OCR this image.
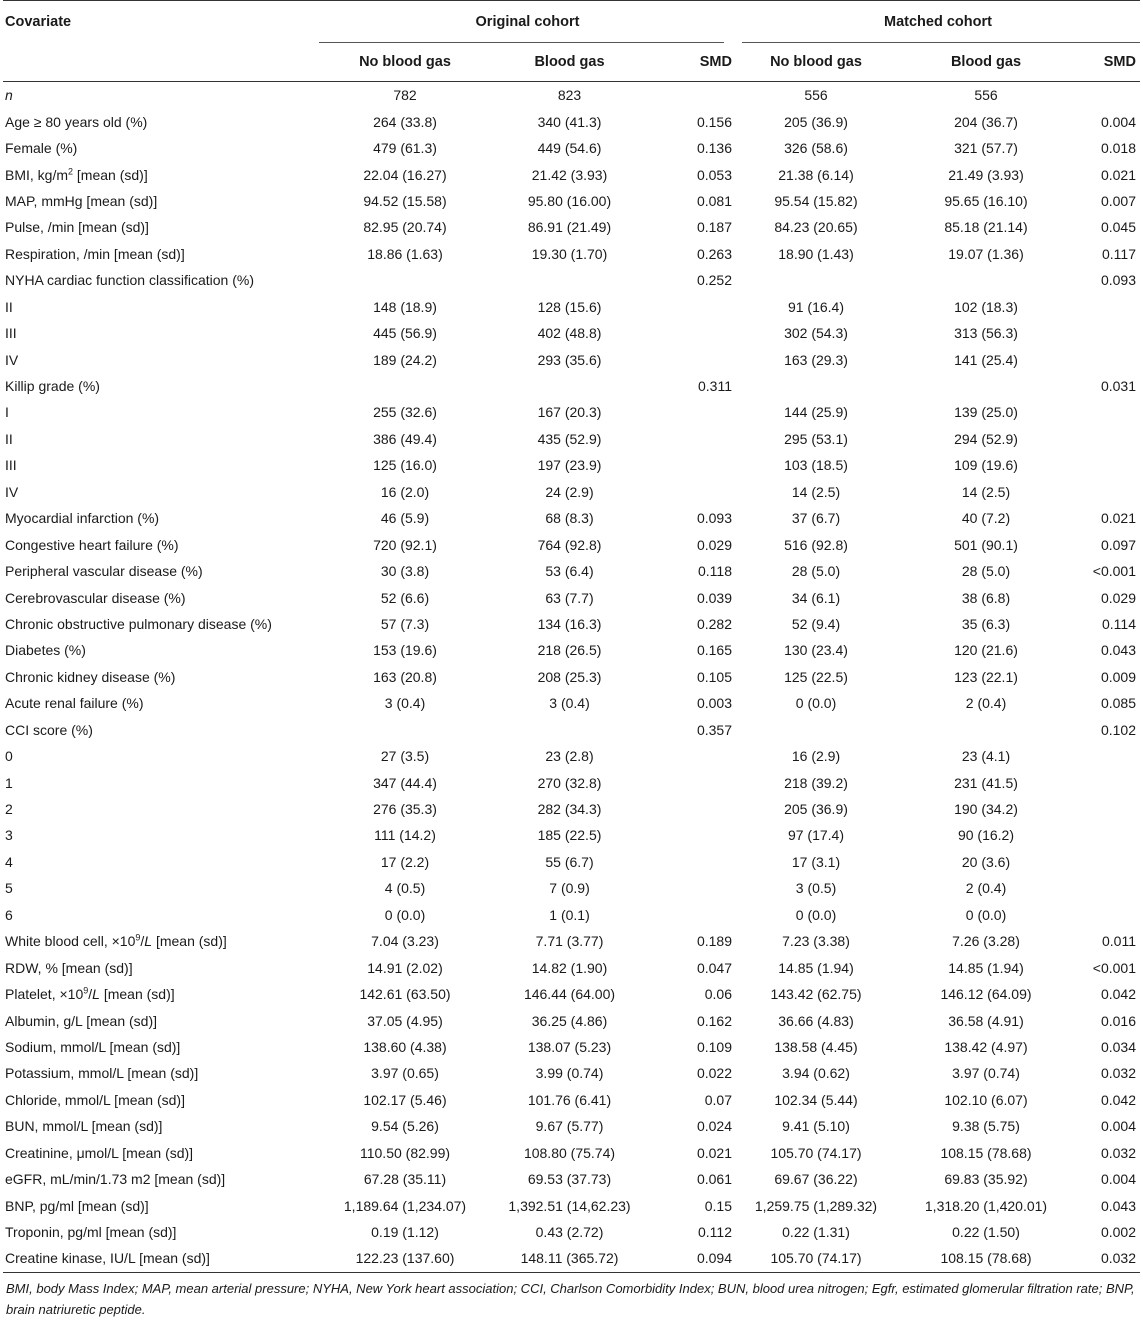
Covariate	Original cohort			Matched cohort		
	No blood gas	Blood gas	SMD	No blood gas	Blood gas	SMD
n	782	823		556	556	
Age ≥ 80 years old (%)	264 (33.8)	340 (41.3)	0.156	205 (36.9)	204 (36.7)	0.004
Female (%)	479 (61.3)	449 (54.6)	0.136	326 (58.6)	321 (57.7)	0.018
BMI, $kg/m^2$ [mean (sd)]	22.04 (16.27)	21.42 (3.93)	0.053	21.38 (6.14)	21.49 (3.93)	0.021
MAP, mmHg [mean (sd)]	94.52 (15.58)	95.80 (16.00)	0.081	95.54 (15.82)	95.65 (16.10)	0.007
Pulse, /min [mean (sd)]	82.95 (20.74)	86.91 (21.49)	0.187	84.23 (20.65)	85.18 (21.14)	0.045
Respiration, /min [mean (sd)]	18.86 (1.63)	19.30 (1.70)	0.263	18.90 (1.43)	19.07 (1.36)	0.117
NYHA cardiac function classification (%)			0.252			0.093
II	148 (18.9)	128 (15.6)		91 (16.4)	102 (18.3)	
III	445 (56.9)	402 (48.8)		302 (54.3)	313 (56.3)	
IV	189 (24.2)	293 (35.6)		163 (29.3)	141 (25.4)	
Killip grade (%)			0.311			0.031
I	255 (32.6)	167 (20.3)		144 (25.9)	139 (25.0)	
II	386 (49.4)	435 (52.9)		295 (53.1)	294 (52.9)	
III	125 (16.0)	197 (23.9)		103 (18.5)	109 (19.6)	
IV	16 (2.0)	24 (2.9)		14 (2.5)	14 (2.5)	
Myocardial infarction (%)	46 (5.9)	68 (8.3)	0.093	37 (6.7)	40 (7.2)	0.021
Congestive heart failure (%)	720 (92.1)	764 (92.8)	0.029	516 (92.8)	501 (90.1)	0.097
Peripheral vascular disease (%)	30 (3.8)	53 (6.4)	0.118	28 (5.0)	28 (5.0)	<0.001
Cerebrovascular disease (%)	52 (6.6)	63 (7.7)	0.039	34 (6.1)	38 (6.8)	0.029
Chronic obstructive pulmonary disease (%)	57 (7.3)	134 (16.3)	0.282	52 (9.4)	35 (6.3)	0.114
Diabetes (%)	153 (19.6)	218 (26.5)	0.165	130 (23.4)	120 (21.6)	0.043
Chronic kidney disease (%)	163 (20.8)	208 (25.3)	0.105	125 (22.5)	123 (22.1)	0.009
Acute renal failure (%)	3 (0.4)	3 (0.4)	0.003	0 (0.0)	2 (0.4)	0.085
CCI score (%)			0.357			0.102
0	27 (3.5)	23 (2.8)		16 (2.9)	23 (4.1)	
1	347 (44.4)	270 (32.8)		218 (39.2)	231 (41.5)	
2	276 (35.3)	282 (34.3)		205 (36.9)	190 (34.2)	
3	111 (14.2)	185 (22.5)		97 (17.4)	90 (16.2)	
4	17 (2.2)	55 (6.7)		17 (3.1)	20 (3.6)	
5	4 (0.5)	7 (0.9)		3 (0.5)	2 (0.4)	
6	0 (0.0)	1 (0.1)		0 (0.0)	0 (0.0)	
White blood cell, $\times 10^9/L$ [mean (sd)]	7.04 (3.23)	7.71 (3.77)	0.189	7.23 (3.38)	7.26 (3.28)	0.011
RDW, % [mean (sd)]	14.91 (2.02)	14.82 (1.90)	0.047	14.85 (1.94)	14.85 (1.94)	<0.001
Platelet, $\times 10^9/L$ [mean (sd)]	142.61 (63.50)	146.44 (64.00)	0.06	143.42 (62.75)	146.12 (64.09)	0.042
Albumin, g/L [mean (sd)]	37.05 (4.95)	36.25 (4.86)	0.162	36.66 (4.83)	36.58 (4.91)	0.016
Sodium, mmol/L [mean (sd)]	138.60 (4.38)	138.07 (5.23)	0.109	138.58 (4.45)	138.42 (4.97)	0.034
Potassium, mmol/L [mean (sd)]	3.97 (0.65)	3.99 (0.74)	0.022	3.94 (0.62)	3.97 (0.74)	0.032
Chloride, mmol/L [mean (sd)]	102.17 (5.46)	101.76 (6.41)	0.07	102.34 (5.44)	102.10 (6.07)	0.042
BUN, mmol/L [mean (sd)]	9.54 (5.26)	9.67 (5.77)	0.024	9.41 (5.10)	9.38 (5.75)	0.004
Creatinine, μmol/L [mean (sd)]	110.50 (82.99)	108.80 (75.74)	0.021	105.70 (74.17)	108.15 (78.68)	0.032
eGFR, mL/min/1.73 m2 [mean (sd)]	67.28 (35.11)	69.53 (37.73)	0.061	69.67 (36.22)	69.83 (35.92)	0.004
BNP, pg/ml [mean (sd)]	1,189.64 (1,234.07)	1,392.51 (14,62.23)	0.15	1,259.75 (1,289.32)	1,318.20 (1,420.01)	0.043
Troponin, pg/ml [mean (sd)]	0.19 (1.12)	0.43 (2.72)	0.112	0.22 (1.31)	0.22 (1.50)	0.002
Creatine kinase, IU/L [mean (sd)]	122.23 (137.60)	148.11 (365.72)	0.094	105.70 (74.17)	108.15 (78.68)	0.032
BMI, body Mass Index; MAP, mean arterial pressure; NYHA, New York heart association; CCI, Charlson Comorbidity Index; BUN, blood urea nitrogen; Egfr, estimated glomerular filtration rate; BNP, brain natriuretic peptide.
